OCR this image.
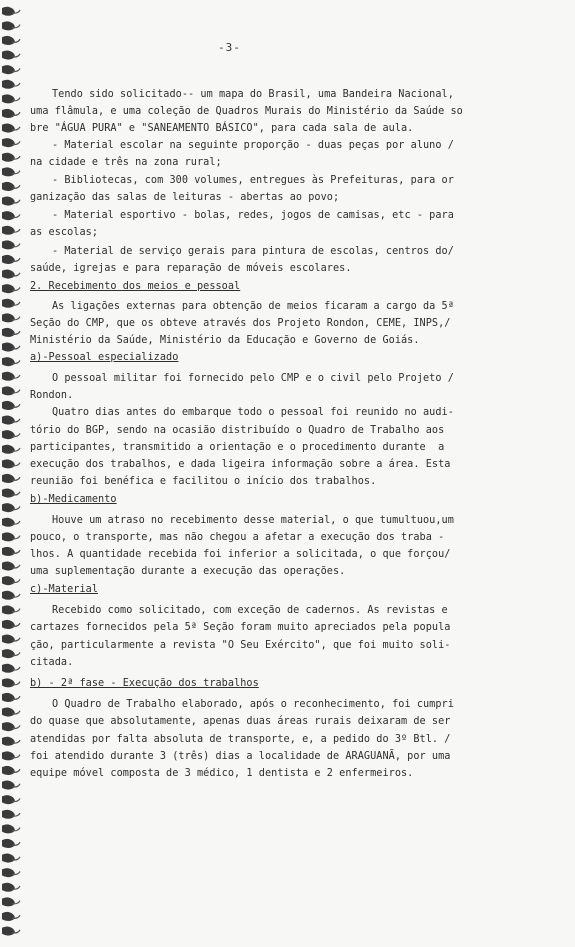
-3-
Tendo sido solicitado-- um mapa do Brasil, uma Bandeira Nacional,
uma flâmula, e uma coleção de Quadros Murais do Ministério da Saúde so
bre "ÁGUA PURA" e "SANEAMENTO BÁSICO", para cada sala de aula.
- Material escolar na seguinte proporção - duas peças por aluno /
na cidade e três na zona rural;
- Bibliotecas, com 300 volumes, entregues às Prefeituras, para or
ganização das salas de leituras - abertas ao povo;
- Material esportivo - bolas, redes, jogos de camisas, etc - para
as escolas;
- Material de serviço gerais para pintura de escolas, centros do/
saúde, igrejas e para reparação de móveis escolares.
2. Recebimento dos meios e pessoal
As ligações externas para obtenção de meios ficaram a cargo da 5ª
Seção do CMP, que os obteve através dos Projeto Rondon, CEME, INPS,/
Ministério da Saúde, Ministério da Educação e Governo de Goiás.
a)-Pessoal especializado
O pessoal militar foi fornecido pelo CMP e o civil pelo Projeto /
Rondon.
Quatro dias antes do embarque todo o pessoal foi reunido no audi-
tório do BGP, sendo na ocasião distribuído o Quadro de Trabalho aos
participantes, transmitido a orientação e o procedimento durante  a
execução dos trabalhos, e dada ligeira informação sobre a área. Esta
reunião foi benéfica e facilitou o início dos trabalhos.
b)-Medicamento
Houve um atraso no recebimento desse material, o que tumultuou,um
pouco, o transporte, mas não chegou a afetar a execução dos traba -
lhos. A quantidade recebida foi inferior a solicitada, o que forçou/
uma suplementação durante a execução das operações.
c)-Material
Recebido como solicitado, com exceção de cadernos. As revistas e
cartazes fornecidos pela 5ª Seção foram muito apreciados pela popula
ção, particularmente a revista "O Seu Exército", que foi muito soli-
citada.
b) - 2ª fase - Execução dos trabalhos
O Quadro de Trabalho elaborado, após o reconhecimento, foi cumpri
do quase que absolutamente, apenas duas áreas rurais deixaram de ser
atendidas por falta absoluta de transporte, e, a pedido do 3º Btl. /
foi atendido durante 3 (três) dias a localidade de ARAGUANÃ, por uma
equipe móvel composta de 3 médico, 1 dentista e 2 enfermeiros.
